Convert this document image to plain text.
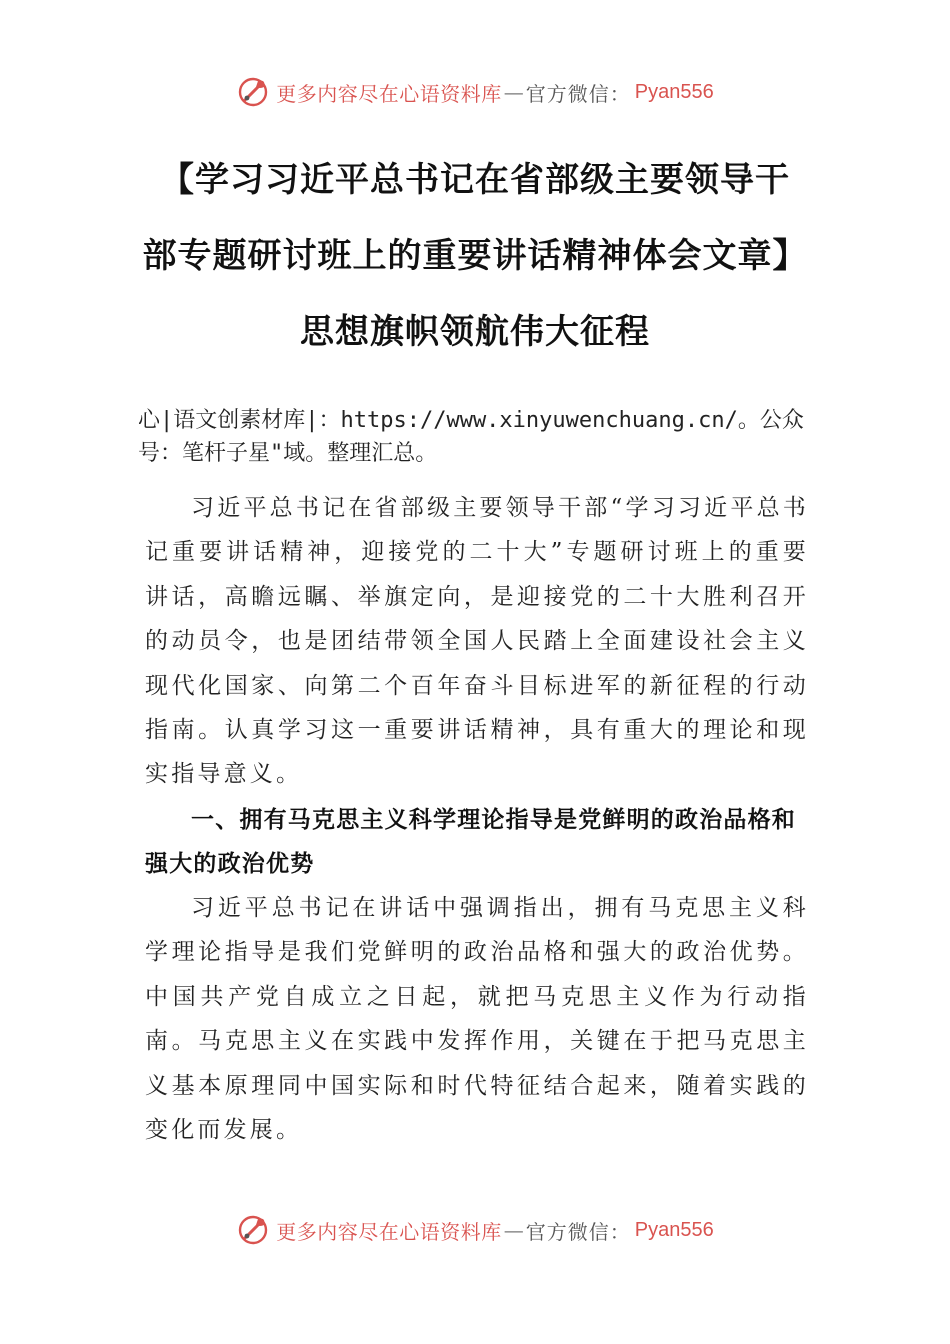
更多内容尽在心语资料库 — 官方微信： Pyan556
【学习习近平总书记在省部级主要领导干
部专题研讨班上的重要讲话精神体会文章】
思想旗帜领航伟大征程
心|语文创素材库|：https://www.xinyuwenchuang.cn/。公众号：笔杆子星"域。整理汇总。
习近平总书记在省部级主要领导干部“学习习近平总书记重要讲话精神，迎接党的二十大”专题研讨班上的重要讲话，高瞻远瞩、举旗定向，是迎接党的二十大胜利召开的动员令，也是团结带领全国人民踏上全面建设社会主义现代化国家、向第二个百年奋斗目标进军的新征程的行动指南。认真学习这一重要讲话精神，具有重大的理论和现实指导意义。
一、拥有马克思主义科学理论指导是党鲜明的政治品格和强大的政治优势
习近平总书记在讲话中强调指出，拥有马克思主义科学理论指导是我们党鲜明的政治品格和强大的政治优势。中国共产党自成立之日起，就把马克思主义作为行动指南。马克思主义在实践中发挥作用，关键在于把马克思主义基本原理同中国实际和时代特征结合起来，随着实践的变化而发展。
更多内容尽在心语资料库 — 官方微信： Pyan556
